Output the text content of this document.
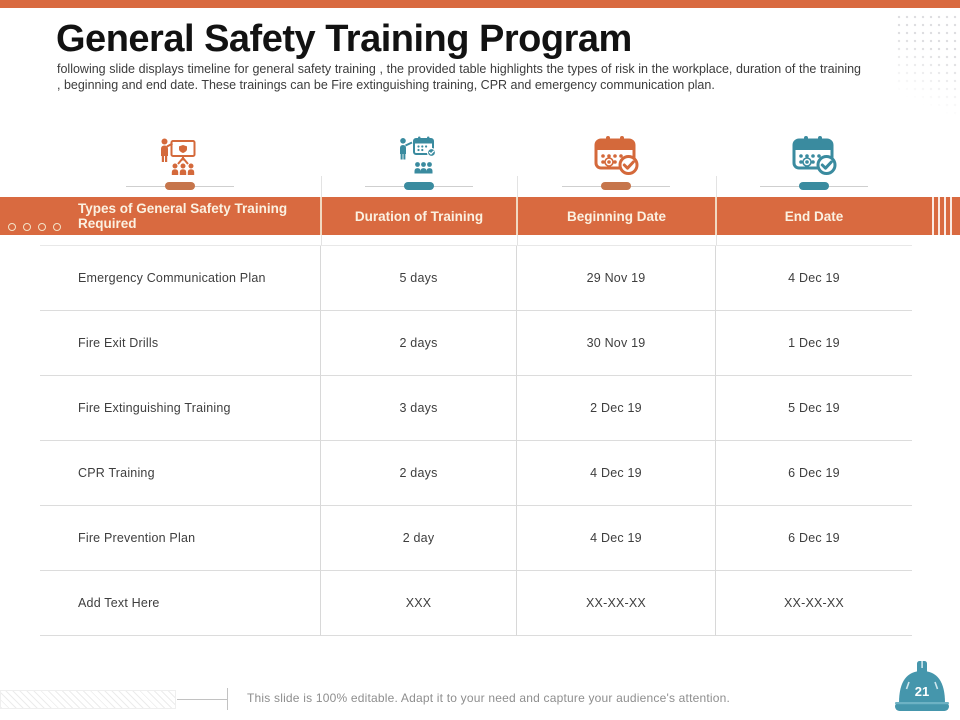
General Safety Training Program

following slide displays timeline for general safety training , the provided table highlights the types of risk in the workplace, duration of the training , beginning and end date. These trainings can be Fire extinguishing training, CPR and emergency communication plan.

Types of General Safety Training Required	Duration of Training	Beginning Date	End Date
Emergency Communication Plan	5 days	29 Nov 19	4 Dec 19
Fire Exit Drills	2 days	30 Nov 19	1 Dec 19
Fire Extinguishing Training	3 days	2 Dec 19	5 Dec 19
CPR Training	2 days	4 Dec 19	6 Dec 19
Fire Prevention Plan	2 day	4 Dec 19	6 Dec 19
Add Text Here	XXX	XX-XX-XX	XX-XX-XX

This slide is 100% editable. Adapt it to your need and capture your audience's attention.	21
